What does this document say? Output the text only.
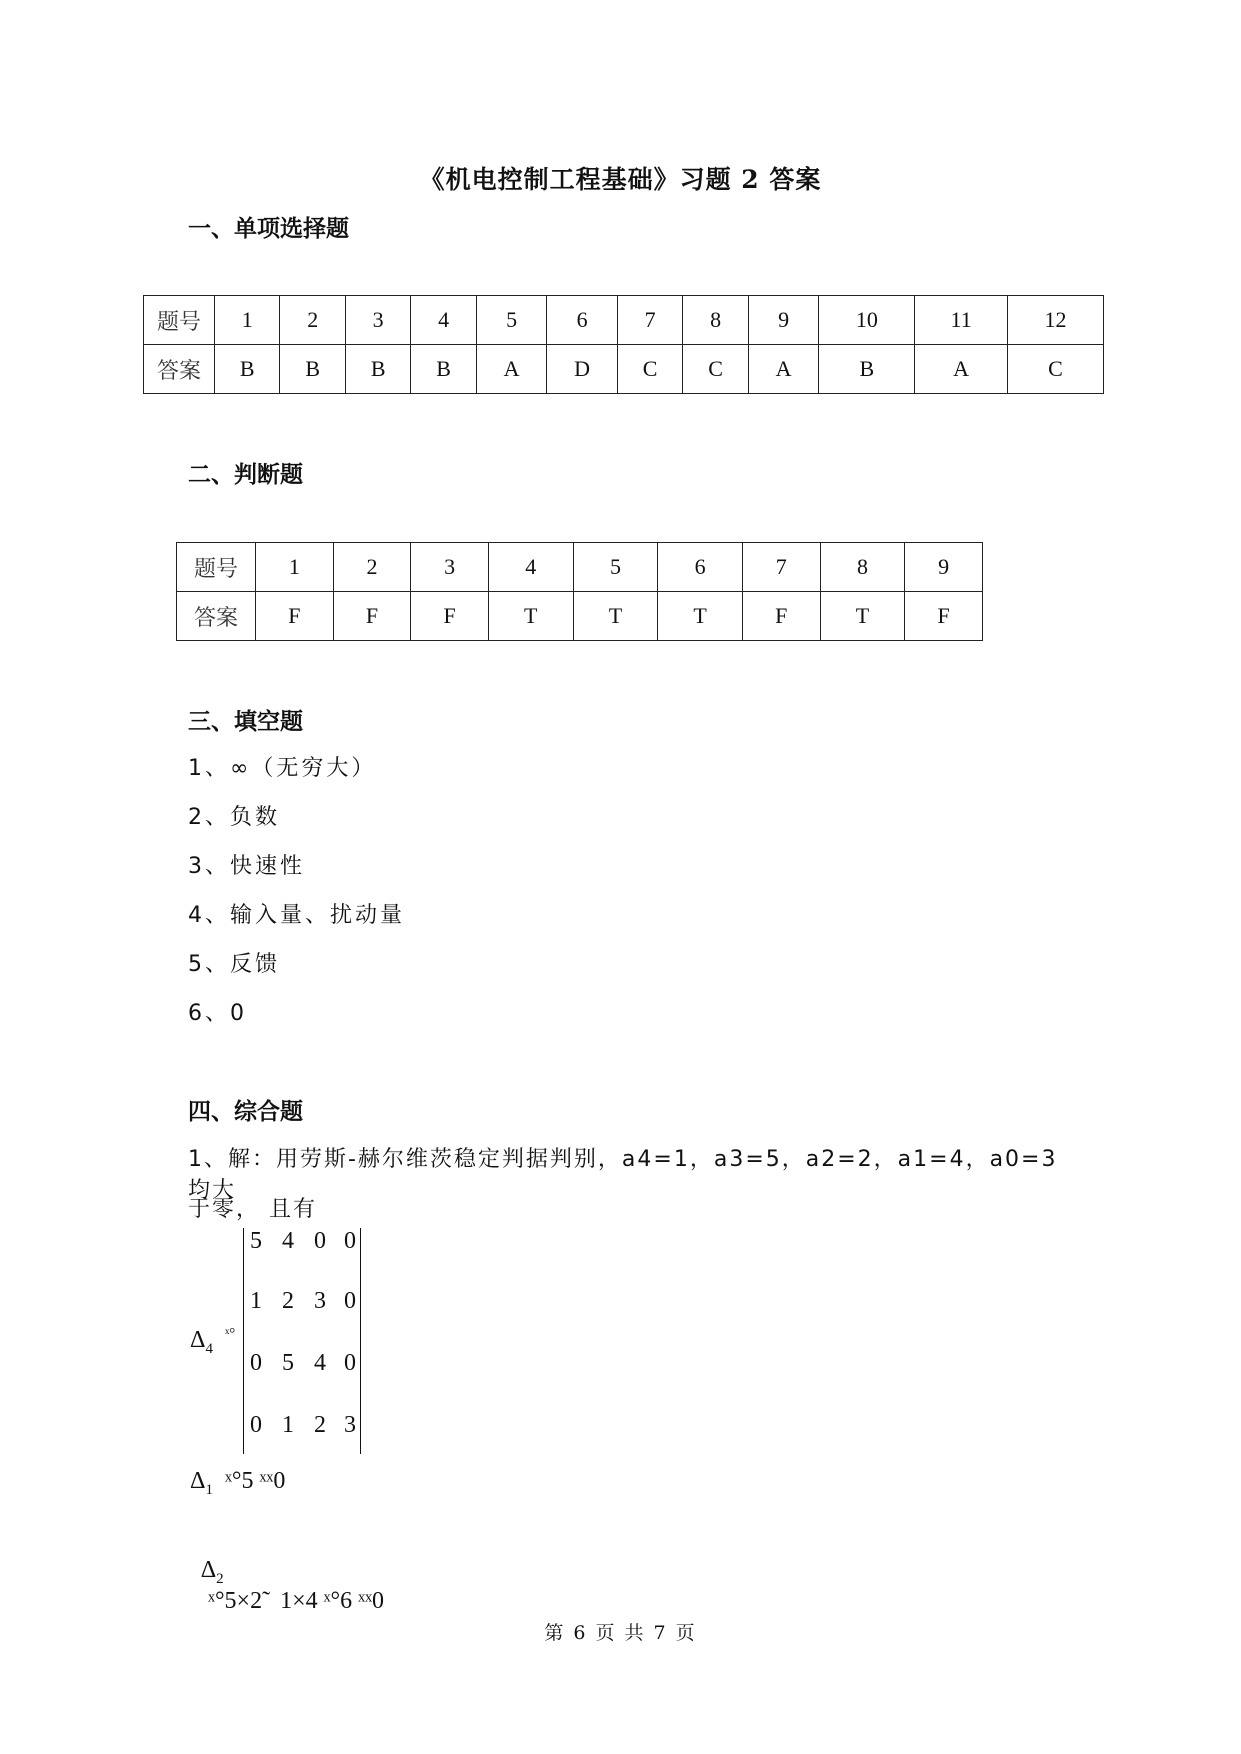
《机电控制工程基础》习题 2 答案
一、单项选择题
题号	1	2	3	4	5	6	7	8	9	10	11	12
答案	B	B	B	B	A	D	C	C	A	B	A	C
二、判断题
题号	1	2	3	4	5	6	7	8	9
答案	F	F	F	T	T	T	F	T	F
三、填空题
1、∞（无穷大）
2、负数
3、快速性
4、输入量、扰动量
5、反馈
6、0
四、综合题
1、解：用劳斯-赫尔维茨稳定判据判别，a4=1，a3=5，a2=2，a1=4，a0=3 均大
于零， 且有
$\Delta_4$ $^{ˣ^\circ}$
5 4 0 0
1 2 3 0
0 5 4 0
0 1 2 3
$\Delta_1$ ˣ°5 ˣˣ0

$\Delta_2$
ˣ°5×2̃   1×4 ˣ°6 ˣˣ0

第 6 页 共 7 页
